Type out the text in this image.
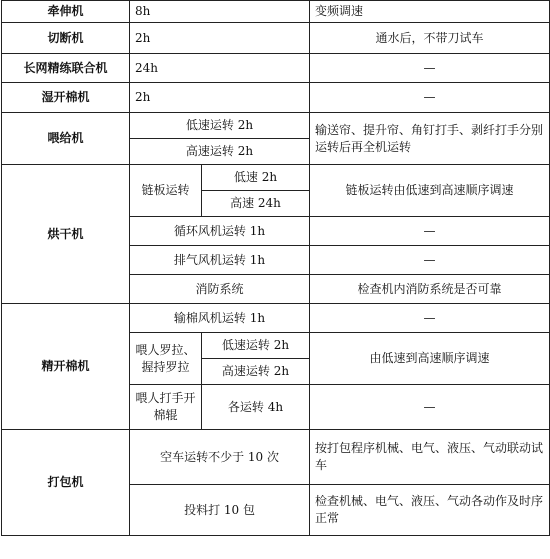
牵伸机	8h		变频调速
切断机	2h		通水后，不带刀试车
长网精练联合机	24h		—
湿开棉机	2h		—
喂给机	低速运转 2h		输送帘、提升帘、角钉打手、剥纤打手分别运转后再全机运转
	高速运转 2h		
烘干机	链板运转	低速 2h	链板运转由低速到高速顺序调速
		高速 24h	
	循环风机运转 1h		—
	排气风机运转 1h		—
	消防系统		检查机内消防系统是否可靠
精开棉机	输棉风机运转 1h		—
	喂人罗拉、握持罗拉	低速运转 2h	由低速到高速顺序调速
		高速运转 2h	
	喂人打手开棉辊	各运转 4h	—
打包机	空车运转不少于 10 次		按打包程序机械、电气、液压、气动联动试车
	投料打 10 包		检查机械、电气、液压、气动各动作及时序正常
